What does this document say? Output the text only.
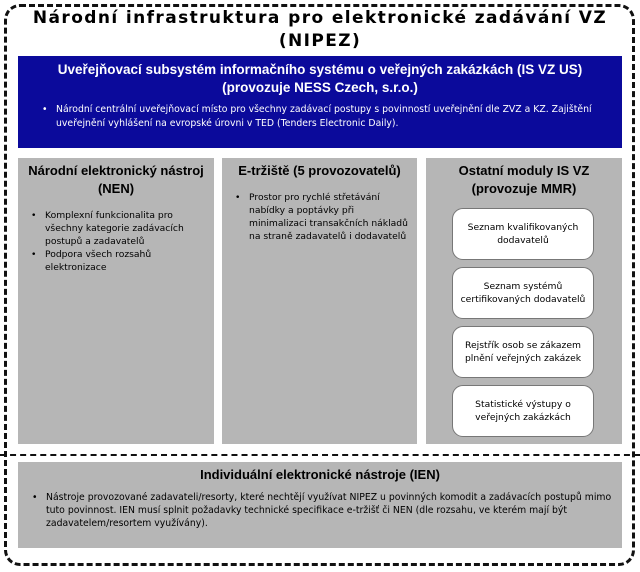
Národní infrastruktura pro elektronické zadávání VZ (NIPEZ)
Uveřejňovací subsystém informačního systému o veřejných zakázkách (IS VZ US) (provozuje NESS Czech, s.r.o.)
• Národní centrální uveřejňovací místo pro všechny zadávací postupy s povinností uveřejnění dle ZVZ a KZ. Zajištění uveřejnění vyhlášení na evropské úrovni v TED (Tenders Electronic Daily).
Národní elektronický nástroj (NEN)
• Komplexní funkcionalita pro všechny kategorie zadávacích postupů a zadavatelů
• Podpora všech rozsahů elektronizace
E-tržiště (5 provozovatelů)
• Prostor pro rychlé střetávání nabídky a poptávky při minimalizaci transakčních nákladů na straně zadavatelů i dodavatelů
Ostatní moduly IS VZ (provozuje MMR)
Seznam kvalifikovaných dodavatelů
Seznam systémů certifikovaných dodavatelů
Rejstřík osob se zákazem plnění veřejných zakázek
Statistické výstupy o veřejných zakázkách
Individuální elektronické nástroje (IEN)
• Nástroje provozované zadavateli/resorty, které nechtějí využívat NIPEZ u povinných komodit a zadávacích postupů mimo tuto povinnost. IEN musí splnit požadavky technické specifikace e-tržišť či NEN (dle rozsahu, ve kterém mají být zadavatelem/resortem využívány).
